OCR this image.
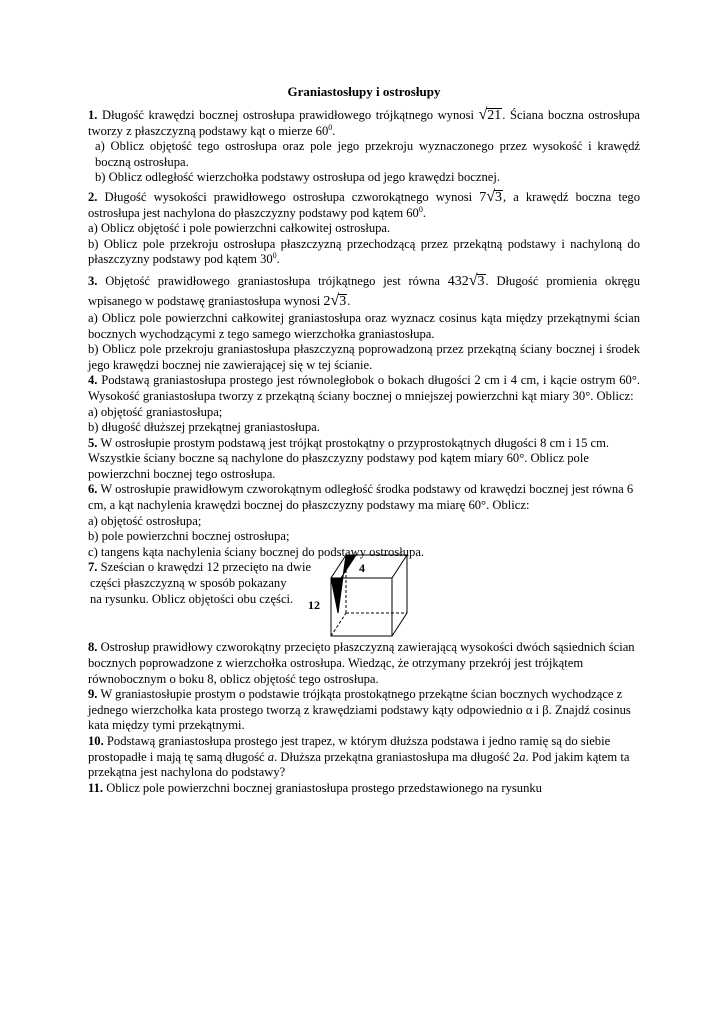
Graniastosłupy i ostrosłupy

1. Długość krawędzi bocznej ostrosłupa prawidłowego trójkątnego wynosi √21. Ściana boczna ostrosłupa tworzy z płaszczyzną podstawy kąt o mierze $60^0$.

a) Oblicz objętość tego ostrosłupa oraz pole jego przekroju wyznaczonego przez wysokość i krawędź boczną ostrosłupa.

b) Oblicz odległość wierzchołka podstawy ostrosłupa od jego krawędzi bocznej.

2. Długość wysokości prawidłowego ostrosłupa czworokątnego wynosi 7√3, a krawędź boczna tego ostrosłupa jest nachylona do płaszczyzny podstawy pod kątem $60^0$.

a) Oblicz objętość i pole powierzchni całkowitej ostrosłupa.

b) Oblicz pole przekroju ostrosłupa płaszczyzną przechodzącą przez przekątną podstawy i nachyloną do płaszczyzny podstawy pod kątem $30^0$.

3. Objętość prawidłowego graniastosłupa trójkątnego jest równa 432√3. Długość promienia okręgu wpisanego w podstawę graniastosłupa wynosi 2√3.

a) Oblicz pole powierzchni całkowitej graniastosłupa oraz wyznacz cosinus kąta między przekątnymi ścian bocznych wychodzącymi z tego samego wierzchołka graniastosłupa.

b) Oblicz pole przekroju graniastosłupa płaszczyzną poprowadzoną przez przekątną ściany bocznej i środek jego krawędzi bocznej nie zawierającej się w tej ścianie.

4. Podstawą graniastosłupa prostego jest równoległobok o bokach długości 2 cm i 4 cm, i kącie ostrym 60°. Wysokość graniastosłupa tworzy z przekątną ściany bocznej o mniejszej powierzchni kąt miary 30°. Oblicz:

a) objętość graniastosłupa;

b) długość dłuższej przekątnej graniastosłupa.

5. W ostrosłupie prostym podstawą jest trójkąt prostokątny o przyprostokątnych długości 8 cm i 15 cm. Wszystkie ściany boczne są nachylone do płaszczyzny podstawy pod kątem miary 60°. Oblicz pole powierzchni bocznej tego ostrosłupa.

6. W ostrosłupie prawidłowym czworokątnym odległość środka podstawy od krawędzi bocznej jest równa 6 cm, a kąt nachylenia krawędzi bocznej do płaszczyzny podstawy ma miarę 60°. Oblicz:

a) objętość ostrosłupa;

b) pole powierzchni bocznej ostrosłupa;

c) tangens kąta nachylenia ściany bocznej do podstawy ostrosłupa.

7. Sześcian o krawędzi 12 przecięto na dwie

części płaszczyzną w sposób pokazany

na rysunku. Oblicz objętości obu części.

4
12

8. Ostrosłup prawidłowy czworokątny przecięto płaszczyzną zawierającą wysokości dwóch sąsiednich ścian bocznych poprowadzone z wierzchołka ostrosłupa. Wiedząc, że otrzymany przekrój jest trójkątem równobocznym o boku 8, oblicz objętość tego ostrosłupa.

9. W graniastosłupie prostym o podstawie trójkąta prostokątnego przekątne ścian bocznych wychodzące z jednego wierzchołka kata prostego tworzą z krawędziami podstawy kąty odpowiednio α i β. Znajdź cosinus kata między tymi przekątnymi.

10. Podstawą graniastosłupa prostego jest trapez, w którym dłuższa podstawa i jedno ramię są do siebie prostopadłe i mają tę samą długość a. Dłuższa przekątna graniastosłupa ma długość 2a. Pod jakim kątem ta przekątna jest nachylona do podstawy?

11. Oblicz pole powierzchni bocznej graniastosłupa prostego przedstawionego na rysunku
